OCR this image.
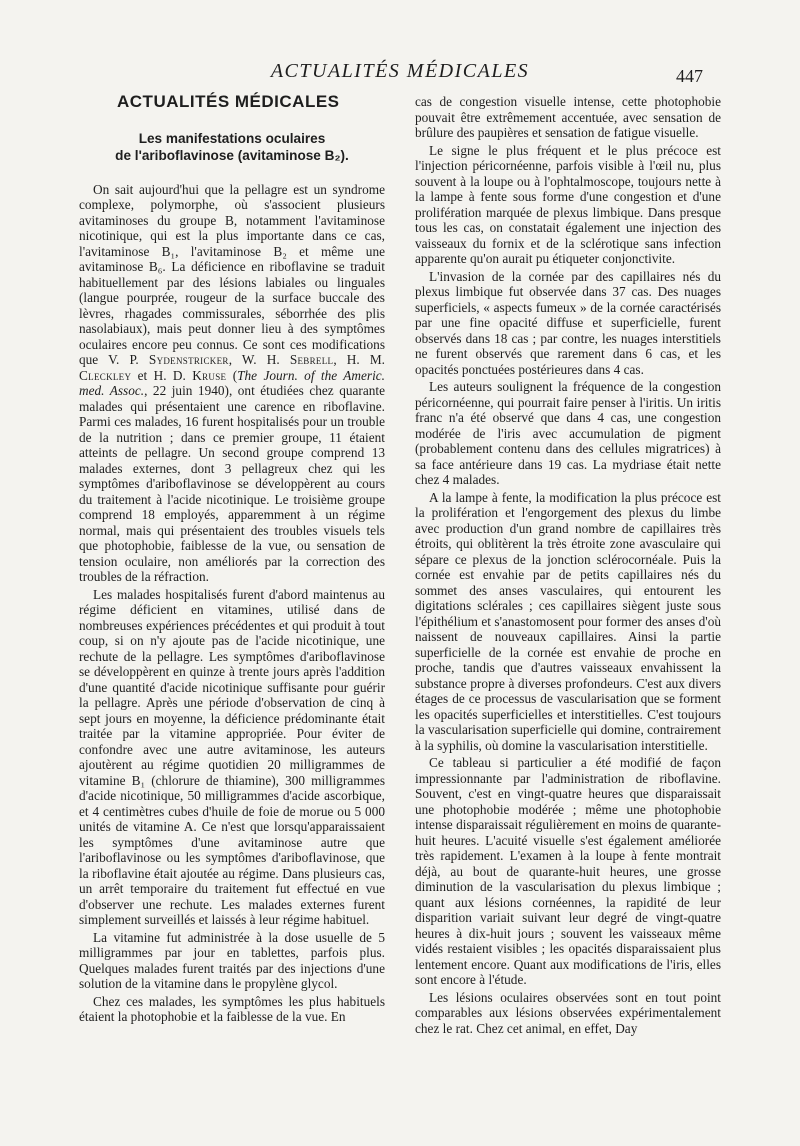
ACTUALITÉS MÉDICALES	447
ACTUALITÉS MÉDICALES
Les manifestations oculaires
de l'ariboflavinose (avitaminose B₂).

On sait aujourd'hui que la pellagre est un syndrome complexe, polymorphe, où s'associent plusieurs avitaminoses du groupe B, notamment l'avitaminose nicotinique, qui est la plus importante dans ce cas, l'avitaminose B₁, l'avitaminose B₂ et même une avitaminose B₆. La déficience en riboflavine se traduit habituellement par des lésions labiales ou linguales (langue pourprée, rougeur de la surface buccale des lèvres, rhagades commissurales, séborrhée des plis nasolabiaux), mais peut donner lieu à des symptômes oculaires encore peu connus. Ce sont ces modifications que V. P. Sydenstricker, W. H. Sebrell, H. M. Cleckley et H. D. Kruse (The Journ. of the Americ. med. Assoc., 22 juin 1940), ont étudiées chez quarante malades qui présentaient une carence en riboflavine. Parmi ces malades, 16 furent hospitalisés pour un trouble de la nutrition ; dans ce premier groupe, 11 étaient atteints de pellagre. Un second groupe comprend 13 malades externes, dont 3 pellagreux chez qui les symptômes d'ariboflavinose se développèrent au cours du traitement à l'acide nicotinique. Le troisième groupe comprend 18 employés, apparemment à un régime normal, mais qui présentaient des troubles visuels tels que photophobie, faiblesse de la vue, ou sensation de tension oculaire, non améliorés par la correction des troubles de la réfraction.

Les malades hospitalisés furent d'abord maintenus au régime déficient en vitamines, utilisé dans de nombreuses expériences précédentes et qui produit à tout coup, si on n'y ajoute pas de l'acide nicotinique, une rechute de la pellagre. Les symptômes d'ariboflavinose se développèrent en quinze à trente jours après l'addition d'une quantité d'acide nicotinique suffisante pour guérir la pellagre. Après une période d'observation de cinq à sept jours en moyenne, la déficience prédominante était traitée par la vitamine appropriée. Pour éviter de confondre avec une autre avitaminose, les auteurs ajoutèrent au régime quotidien 20 milligrammes de vitamine B₁ (chlorure de thiamine), 300 milligrammes d'acide nicotinique, 50 milligrammes d'acide ascorbique, et 4 centimètres cubes d'huile de foie de morue ou 5 000 unités de vitamine A. Ce n'est que lorsqu'apparaissaient les symptômes d'une avitaminose autre que l'ariboflavinose ou les symptômes d'ariboflavinose, que la riboflavine était ajoutée au régime. Dans plusieurs cas, un arrêt temporaire du traitement fut effectué en vue d'observer une rechute. Les malades externes furent simplement surveillés et laissés à leur régime habituel.

La vitamine fut administrée à la dose usuelle de 5 milligrammes par jour en tablettes, parfois plus. Quelques malades furent traités par des injections d'une solution de la vitamine dans le propylène glycol.

Chez ces malades, les symptômes les plus habituels étaient la photophobie et la faiblesse de la vue. En

cas de congestion visuelle intense, cette photophobie pouvait être extrêmement accentuée, avec sensation de brûlure des paupières et sensation de fatigue visuelle.

Le signe le plus fréquent et le plus précoce est l'injection péricornéenne, parfois visible à l'œil nu, plus souvent à la loupe ou à l'ophtalmoscope, toujours nette à la lampe à fente sous forme d'une congestion et d'une prolifération marquée de plexus limbique. Dans presque tous les cas, on constatait également une injection des vaisseaux du fornix et de la sclérotique sans infection apparente qu'on aurait pu étiqueter conjonctivite.

L'invasion de la cornée par des capillaires nés du plexus limbique fut observée dans 37 cas. Des nuages superficiels, « aspects fumeux » de la cornée caractérisés par une fine opacité diffuse et superficielle, furent observés dans 18 cas ; par contre, les nuages interstitiels ne furent observés que rarement dans 6 cas, et les opacités ponctuées postérieures dans 4 cas.

Les auteurs soulignent la fréquence de la congestion péricornéenne, qui pourrait faire penser à l'iritis. Un iritis franc n'a été observé que dans 4 cas, une congestion modérée de l'iris avec accumulation de pigment (probablement contenu dans des cellules migratrices) à sa face antérieure dans 19 cas. La mydriase était nette chez 4 malades.

A la lampe à fente, la modification la plus précoce est la prolifération et l'engorgement des plexus du limbe avec production d'un grand nombre de capillaires très étroits, qui oblitèrent la très étroite zone avasculaire qui sépare ce plexus de la jonction sclérocornéale. Puis la cornée est envahie par de petits capillaires nés du sommet des anses vasculaires, qui entourent les digitations sclérales ; ces capillaires siègent juste sous l'épithélium et s'anastomosent pour former des anses d'où naissent de nouveaux capillaires. Ainsi la partie superficielle de la cornée est envahie de proche en proche, tandis que d'autres vaisseaux envahissent la substance propre à diverses profondeurs. C'est aux divers étages de ce processus de vascularisation que se forment les opacités superficielles et interstitielles. C'est toujours la vascularisation superficielle qui domine, contrairement à la syphilis, où domine la vascularisation interstitielle.

Ce tableau si particulier a été modifié de façon impressionnante par l'administration de riboflavine. Souvent, c'est en vingt-quatre heures que disparaissait une photophobie modérée ; même une photophobie intense disparaissait régulièrement en moins de quarante-huit heures. L'acuité visuelle s'est également améliorée très rapidement. L'examen à la loupe à fente montrait déjà, au bout de quarante-huit heures, une grosse diminution de la vascularisation du plexus limbique ; quant aux lésions cornéennes, la rapidité de leur disparition variait suivant leur degré de vingt-quatre heures à dix-huit jours ; souvent les vaisseaux même vidés restaient visibles ; les opacités disparaissaient plus lentement encore. Quant aux modifications de l'iris, elles sont encore à l'étude.

Les lésions oculaires observées sont en tout point comparables aux lésions observées expérimentalement chez le rat. Chez cet animal, en effet, Day
